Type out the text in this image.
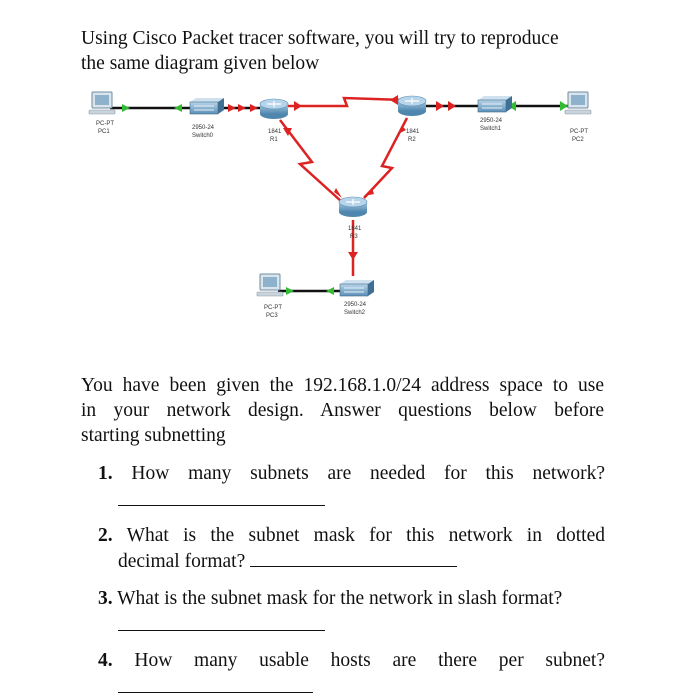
Using Cisco Packet tracer software, you will try to reproduce
the same diagram given below
PC-PT
PC1
2950-24
Switch0
1841
R1
1841
R2
2950-24
Switch1	PC-PT
PC2
1841
R3
PC-PT
PC3
2950-24
Switch2
You have been given the 192.168.1.0/24 address space to use
in your network design. Answer questions below before
starting subnetting
1. How many subnets are needed for this network?
2. What is the subnet mask for this network in dotted
decimal format?
3. What is the subnet mask for the network in slash format?
4. How many usable hosts are there per subnet?
